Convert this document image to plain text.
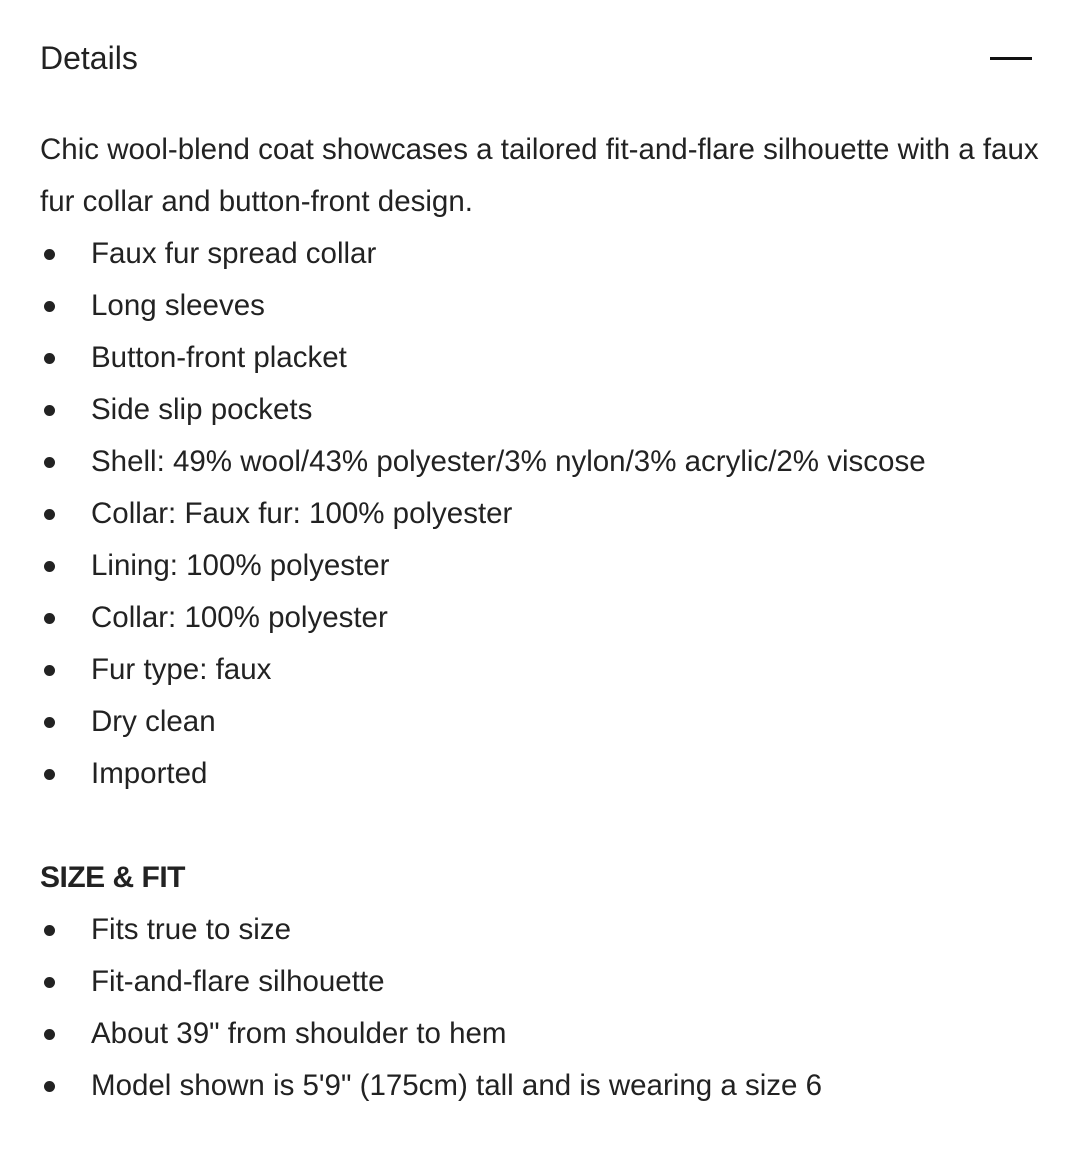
Details

Chic wool-blend coat showcases a tailored fit-and-flare silhouette with a faux fur collar and button-front design.

Faux fur spread collar
Long sleeves
Button-front placket
Side slip pockets
Shell: 49% wool/43% polyester/3% nylon/3% acrylic/2% viscose
Collar: Faux fur: 100% polyester
Lining: 100% polyester
Collar: 100% polyester
Fur type: faux
Dry clean
Imported
SIZE & FIT
Fits true to size
Fit-and-flare silhouette
About 39" from shoulder to hem
Model shown is 5'9" (175cm) tall and is wearing a size 6
